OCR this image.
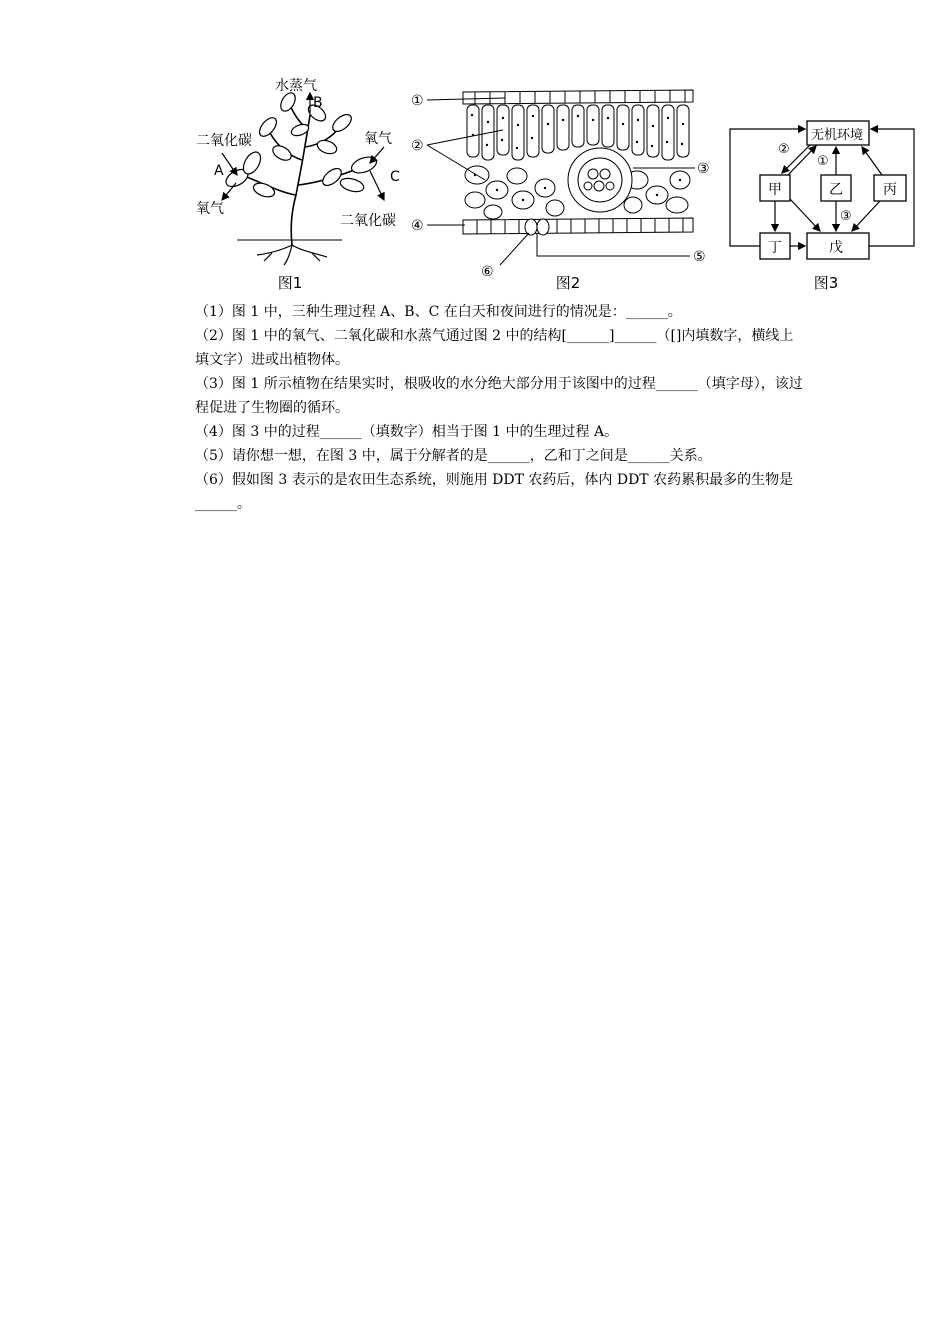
水蒸气
B
二氧化碳
A
氧气
氧气
C
二氧化碳
图1
①
②
③
④
⑤
⑥
图2
无机环境
甲	乙	丙
丁	戊
②
①
③
图3

（1）图 1 中，三种生理过程 A、B、C 在白天和夜间进行的情况是：______。

（2）图 1 中的氧气、二氧化碳和水蒸气通过图 2 中的结构[______]______（[]内填数字，横线上填文字）进或出植物体。

（3）图 1 所示植物在结果实时，根吸收的水分绝大部分用于该图中的过程______（填字母），该过程促进了生物圈的循环。

（4）图 3 中的过程______（填数字）相当于图 1 中的生理过程 A。

（5）请你想一想，在图 3 中，属于分解者的是______，乙和丁之间是______关系。

（6）假如图 3 表示的是农田生态系统，则施用 DDT 农药后，体内 DDT 农药累积最多的生物是______。
